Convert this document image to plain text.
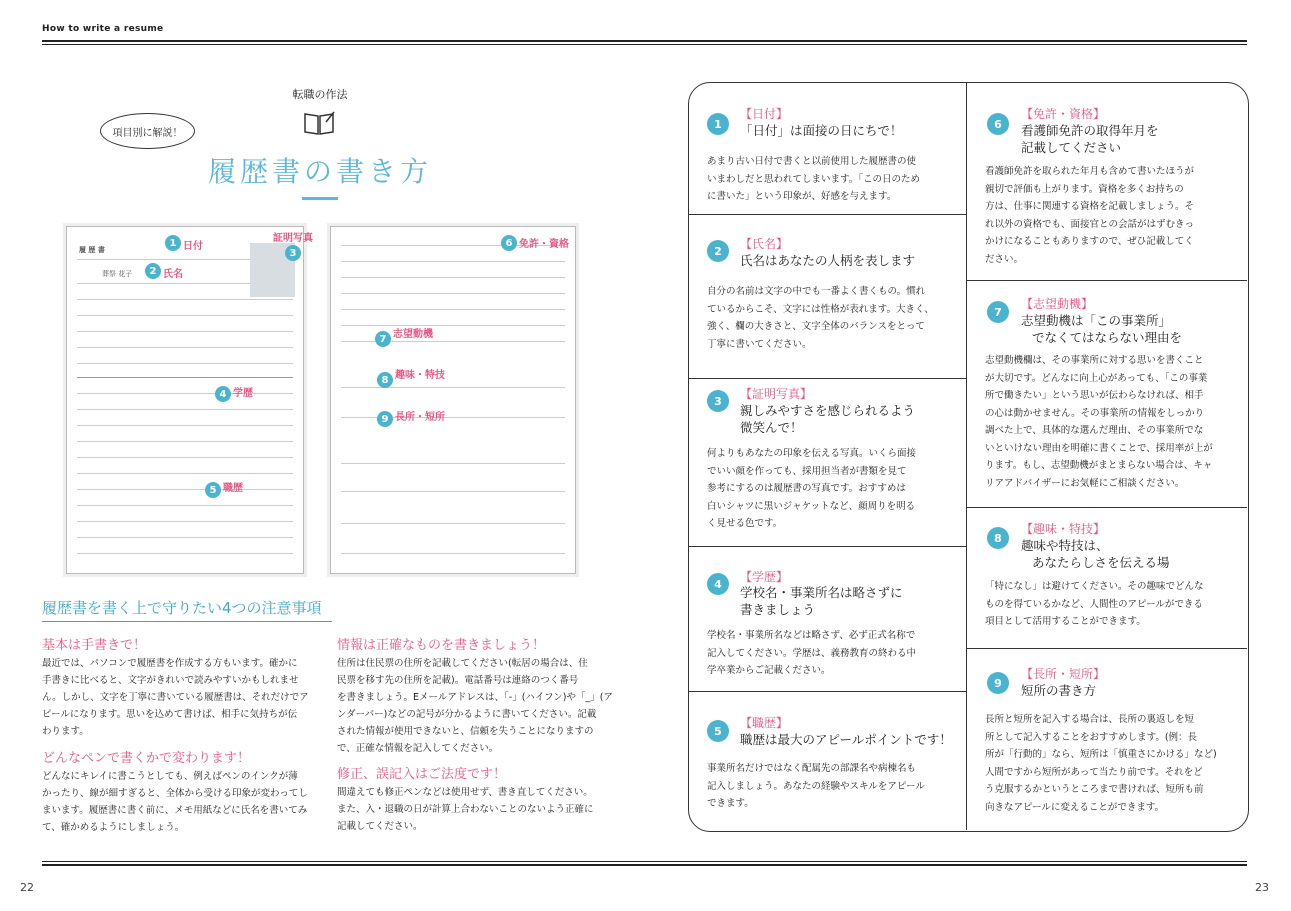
How to write a resume
22	23
項目別に解説！
転職の作法
履歴書の書き方
履 歴 書
葬祭 花子
1 日付
3
証明写真
2 氏名
4 学歴
5 職歴
6 免許・資格
7 志望動機
8 趣味・特技
9 長所・短所
履歴書を書く上で守りたい4つの注意事項
基本は手書きで！
最近では、パソコンで履歴書を作成する方もいます。確かに
手書きに比べると、文字がきれいで読みやすいかもしれませ
ん。しかし、文字を丁寧に書いている履歴書は、それだけでア
ピールになります。思いを込めて書けば、相手に気持ちが伝
わります。
どんなペンで書くかで変わります！
どんなにキレイに書こうとしても、例えばペンのインクが薄
かったり、線が細すぎると、全体から受ける印象が変わってし
まいます。履歴書に書く前に、メモ用紙などに氏名を書いてみ
て、確かめるようにしましょう。
情報は正確なものを書きましょう！
住所は住民票の住所を記載してください(転居の場合は、住
民票を移す先の住所を記載)。電話番号は連絡のつく番号
を書きましょう。Eメールアドレスは、「-」(ハイフン)や「_」(ア
ンダーバー)などの記号が分かるように書いてください。記載
された情報が使用できないと、信頼を失うことになりますの
で、正確な情報を記入してください。
修正、誤記入はご法度です！
間違えても修正ペンなどは使用せず、書き直してください。
また、入・退職の日が計算上合わないことのないよう正確に
記載してください。
1
【日付】
「日付」は面接の日にちで！
あまり古い日付で書くと以前使用した履歴書の使
いまわしだと思われてしまいます。「この日のため
に書いた」という印象が、好感を与えます。
2	【氏名】
氏名はあなたの人柄を表します
自分の名前は文字の中でも一番よく書くもの。慣れ
ているからこそ、文字には性格が表れます。大きく、
強く、欄の大きさと、文字全体のバランスをとって
丁寧に書いてください。
3	【証明写真】
親しみやすさを感じられるよう
微笑んで！
何よりもあなたの印象を伝える写真。いくら面接
でいい顔を作っても、採用担当者が書類を見て
参考にするのは履歴書の写真です。おすすめは
白いシャツに黒いジャケットなど、顔周りを明る
く見せる色です。
4	【学歴】
学校名・事業所名は略さずに
書きましょう
学校名・事業所名などは略さず、必ず正式名称で
記入してください。学歴は、義務教育の終わる中
学卒業からご記載ください。
5
【職歴】
職歴は最大のアピールポイントです！
事業所名だけではなく配属先の部課名や病棟名も
記入しましょう。あなたの経験やスキルをアピール
できます。
6
【免許・資格】
看護師免許の取得年月を
記載してください
看護師免許を取られた年月も含めて書いたほうが
親切で評価も上がります。資格を多くお持ちの
方は、仕事に関連する資格を記載しましょう。そ
れ以外の資格でも、面接官との会話がはずむきっ
かけになることもありますので、ぜひ記載してく
ださい。
7
【志望動機】
志望動機は「この事業所」
でなくてはならない理由を
志望動機欄は、その事業所に対する思いを書くこと
が大切です。どんなに向上心があっても、「この事業
所で働きたい」という思いが伝わらなければ、相手
の心は動かせません。その事業所の情報をしっかり
調べた上で、具体的な選んだ理由、その事業所でな
いといけない理由を明確に書くことで、採用率が上が
ります。もし、志望動機がまとまらない場合は、キャ
リアアドバイザーにお気軽にご相談ください。
8
【趣味・特技】
趣味や特技は、
あなたらしさを伝える場
「特になし」は避けてください。その趣味でどんな
ものを得ているかなど、人間性のアピールができる
項目として活用することができます。
9
【長所・短所】
短所の書き方
長所と短所を記入する場合は、長所の裏返しを短
所として記入することをおすすめします。(例：長
所が「行動的」なら、短所は「慎重さにかける」など)
人間ですから短所があって当たり前です。それをど
う克服するかというところまで書ければ、短所も前
向きなアピールに変えることができます。
